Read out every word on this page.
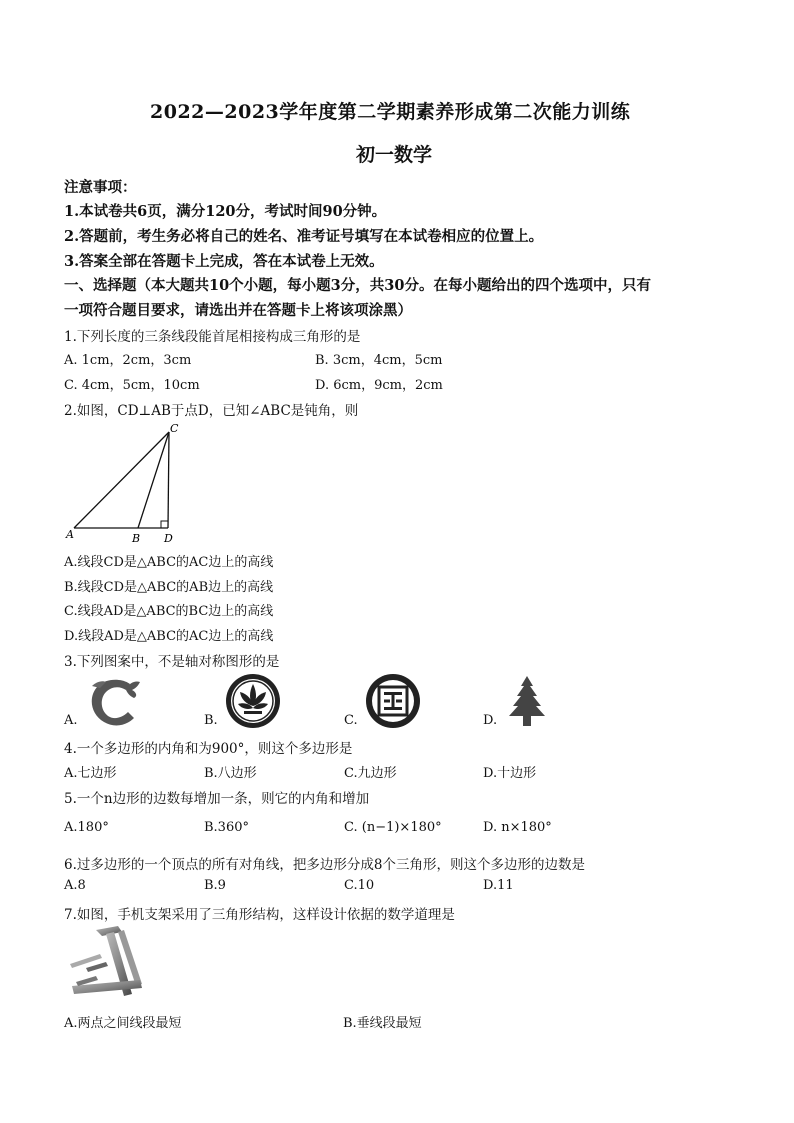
2022—2023学年度第二学期素养形成第二次能力训练
初一数学
注意事项：
1.本试卷共6页，满分120分，考试时间90分钟。
2.答题前，考生务必将自己的姓名、准考证号填写在本试卷相应的位置上。
3.答案全部在答题卡上完成，答在本试卷上无效。
一、选择题（本大题共10个小题，每小题3分，共30分。在每小题给出的四个选项中，只有
一项符合题目要求，请选出并在答题卡上将该项涂黑）
1.下列长度的三条线段能首尾相接构成三角形的是
A. 1cm，2cm，3cm	B. 3cm，4cm，5cm
C. 4cm，5cm，10cm	D. 6cm，9cm，2cm
2.如图，CD⊥AB于点D，已知∠ABC是钝角，则
A	B
C
D
A.线段CD是△ABC的AC边上的高线
B.线段CD是△ABC的AB边上的高线
C.线段AD是△ABC的BC边上的高线
D.线段AD是△ABC的AC边上的高线
3.下列图案中，不是轴对称图形的是
A.	B.	C.	D.
4.一个多边形的内角和为900°，则这个多边形是
A.七边形	B.八边形	C.九边形	D.十边形
5.一个n边形的边数每增加一条，则它的内角和增加
A.180°	B.360°	C. (n−1)×180°	D. n×180°
6.过多边形的一个顶点的所有对角线，把多边形分成8个三角形，则这个多边形的边数是
A.8	B.9	C.10	D.11
7.如图，手机支架采用了三角形结构，这样设计依据的数学道理是
A.两点之间线段最短	B.垂线段最短
